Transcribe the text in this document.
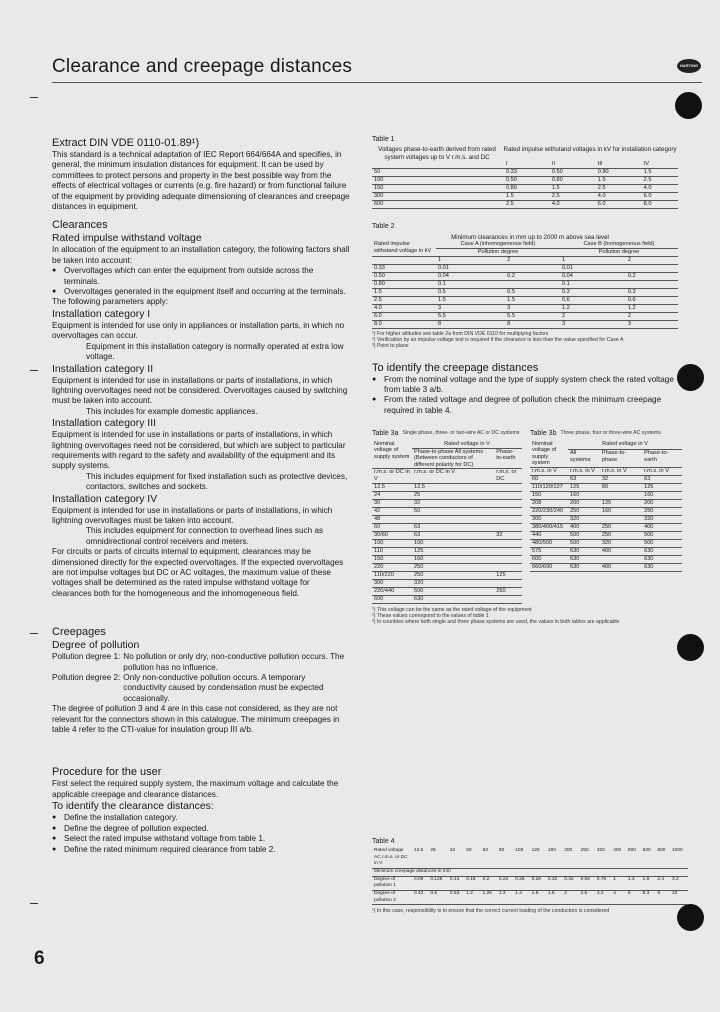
Clearance and creepage distances	HARTING

Extract DIN VDE 0110-01.89¹)

This standard is a technical adaptation of IEC Report 664/664A and specifies, in general, the minimum insulation distances for equipment. It can be used by committees to protect persons and property in the best possible way from the effects of electrical voltages or currents (e.g. fire hazard) or from functional failure of the equipment by providing adequate dimensioning of clearances and creepage distances in equipment.

Clearances

Rated impulse withstand voltage

In allocation of the equipment to an installation category, the following factors shall be taken into account:

● Overvoltages which can enter the equipment from outside across the terminals.

● Overvoltages generated in the equipment itself and occurring at the terminals.

The following parameters apply:

Installation category I

Equipment is intended for use only in appliances or installation parts, in which no overvoltages can occur.

Equipment in this installation category is normally operated at extra low voltage.

Installation category II

Equipment is intended for use in installations or parts of installations, in which lightning overvoltages need not be considered. Overvoltages caused by switching must be taken into account.

This includes for example domestic appliances.

Installation category III

Equipment is intended for use in installations or parts of installations, in which lightning overvoltages need not be considered, but which are subject to particular requirements with regard to the safety and availability of the equipment and its supply systems.

This includes equipment for fixed installation such as protective devices, contactors, switches and sockets.

Installation category IV

Equipment is intended for use in installations or parts of installations, in which lightning overvoltages must be taken into account.

This includes equipment for connection to overhead lines such as omnidirectional control receivers and meters.

For circuits or parts of circuits internal to equipment, clearances may be dimensioned directly for the expected overvoltages. If the expected overvoltages are not impulse voltages but DC or AC voltages, the maximum value of these voltages shall be determined as the rated impulse withstand voltage for clearances both for the homogeneous and the inhomogeneous field.

Creepages

Degree of pollution

Pollution degree 1: No pollution or only dry, non-conductive pollution occurs. The pollution has no influence.
Pollution degree 2: Only non-conductive pollution occurs. A temporary conductivity caused by condensation must be expected occasionally.

The degree of pollution 3 and 4 are in this case not considered, as they are not relevant for the connectors shown in this catalogue. The minimum creepages in table 4 refer to the CTI-value for insulation group III a/b.

Procedure for the user

First select the required supply system, the maximum voltage and calculate the applicable creepage and clearance distances.

To identify the clearance distances:

● Define the installation category.

● Define the degree of pollution expected.

● Select the rated impulse withstand voltage from table 1.

● Define the rated minimum required clearance from table 2.

Table 1

Voltages phase-to-earth derived from rated system voltages up to V r.m.s. and DC
Rated impulse withstand voltages in kV for installation category
	I	II	III	IV
50	0.33	0.50	0.80	1.5
100	0.50	0.80	1.5	2.5
150	0.80	1.5	2.5	4.0
300	1.5	2.5	4.0	6.0
600	2.5	4.0	6.0	8.0

Table 2

Minimum clearances in mm up to 2000 m above sea level
Rated impulse withstand voltage in kV	Case A (inhomogeneous field)		Case B (homogeneous field)	
	Pollution degree		Pollution degree	
	1	2	1	2
0.33	0.01		0.01	
0.50	0.04	0.2	0.04	0.2
0.80	0.1		0.1	
1.5	0.5	0.5	0.3	0.3
2.5	1.5	1.5	0.6	0.6
4.0	3	3	1.2	1.2
6.0	5.5	5.5	2	2
8.0	8	8	3	3

¹) For higher altitudes see table 2a from DIN VDE 0110 for multiplying factors

²) Verification by an impulse voltage test is required if the clearance is less than the value specified for Case A

³) Point to plane

To identify the creepage distances

● From the nominal voltage and the type of supply system check the rated voltage from table 3 a/b.

● From the rated voltage and degree of pollution check the minimum creepage required in table 4.

Table 3a Single phase, three- or two-wire AC or DC systems
Nominal voltage of supply system	Rated voltage in V	
	Phase-to-phase All systems (Between conductors of different polarity for DC)	Phase-to-earth
r.m.s. or DC in V	r.m.s. or DC in V	r.m.s. or DC
12.5	12.5	
24	25	
30	32	
42	50	
48		
60	63	
30/60	63	32
100	100	
110	125	
150	160	
220	250	
110/220	250	125
300	320	
220/440	500	250
600	630	
Table 3b Three phase, four or three-wire AC systems
Nominal voltage of supply system	Rated voltage in V		
	All systems	Phase-to-phase	Phase-to-earth
r.m.s. in V	r.m.s. in V	r.m.s. in V	r.m.s. in V
60	63	32	63
110/120/127	125	80	125
150	160		160
208	200	125	200
220/230/240	250	160	250
300	320		320
380/400/415	400	250	400
440	500	250	500
480/500	500	320	500
575	630	400	630
600	630		630
660/690	630	400	630

¹) This voltage can be the same as the rated voltage of the equipment

²) These values correspond to the values of table 1

³) In countries where both single and three phase systems are used, the values in both tables are applicable

Table 4

Rated voltage AC r.m.s. or DC in V	12.5	25	32	50	63	80	100	125	160	200	250	320	400	500	630	800	1000
Minimum creepage distances in mm																	
Degree of pollution 1	0.09	0.125	0.14	0.18	0.2	0.22	0.25	0.28	0.32	0.42	0.56	0.75	1	1.3	1.8	2.4	3.2
Degree of pollution 2	0.42	0.5	0.53	1.2	1.25	1.3	1.4	1.5	1.6	2	2.5	3.2	4	5	6.3	8	10

¹) In this case, responsibility is to ensure that the correct current loading of the conductors is considered

6
